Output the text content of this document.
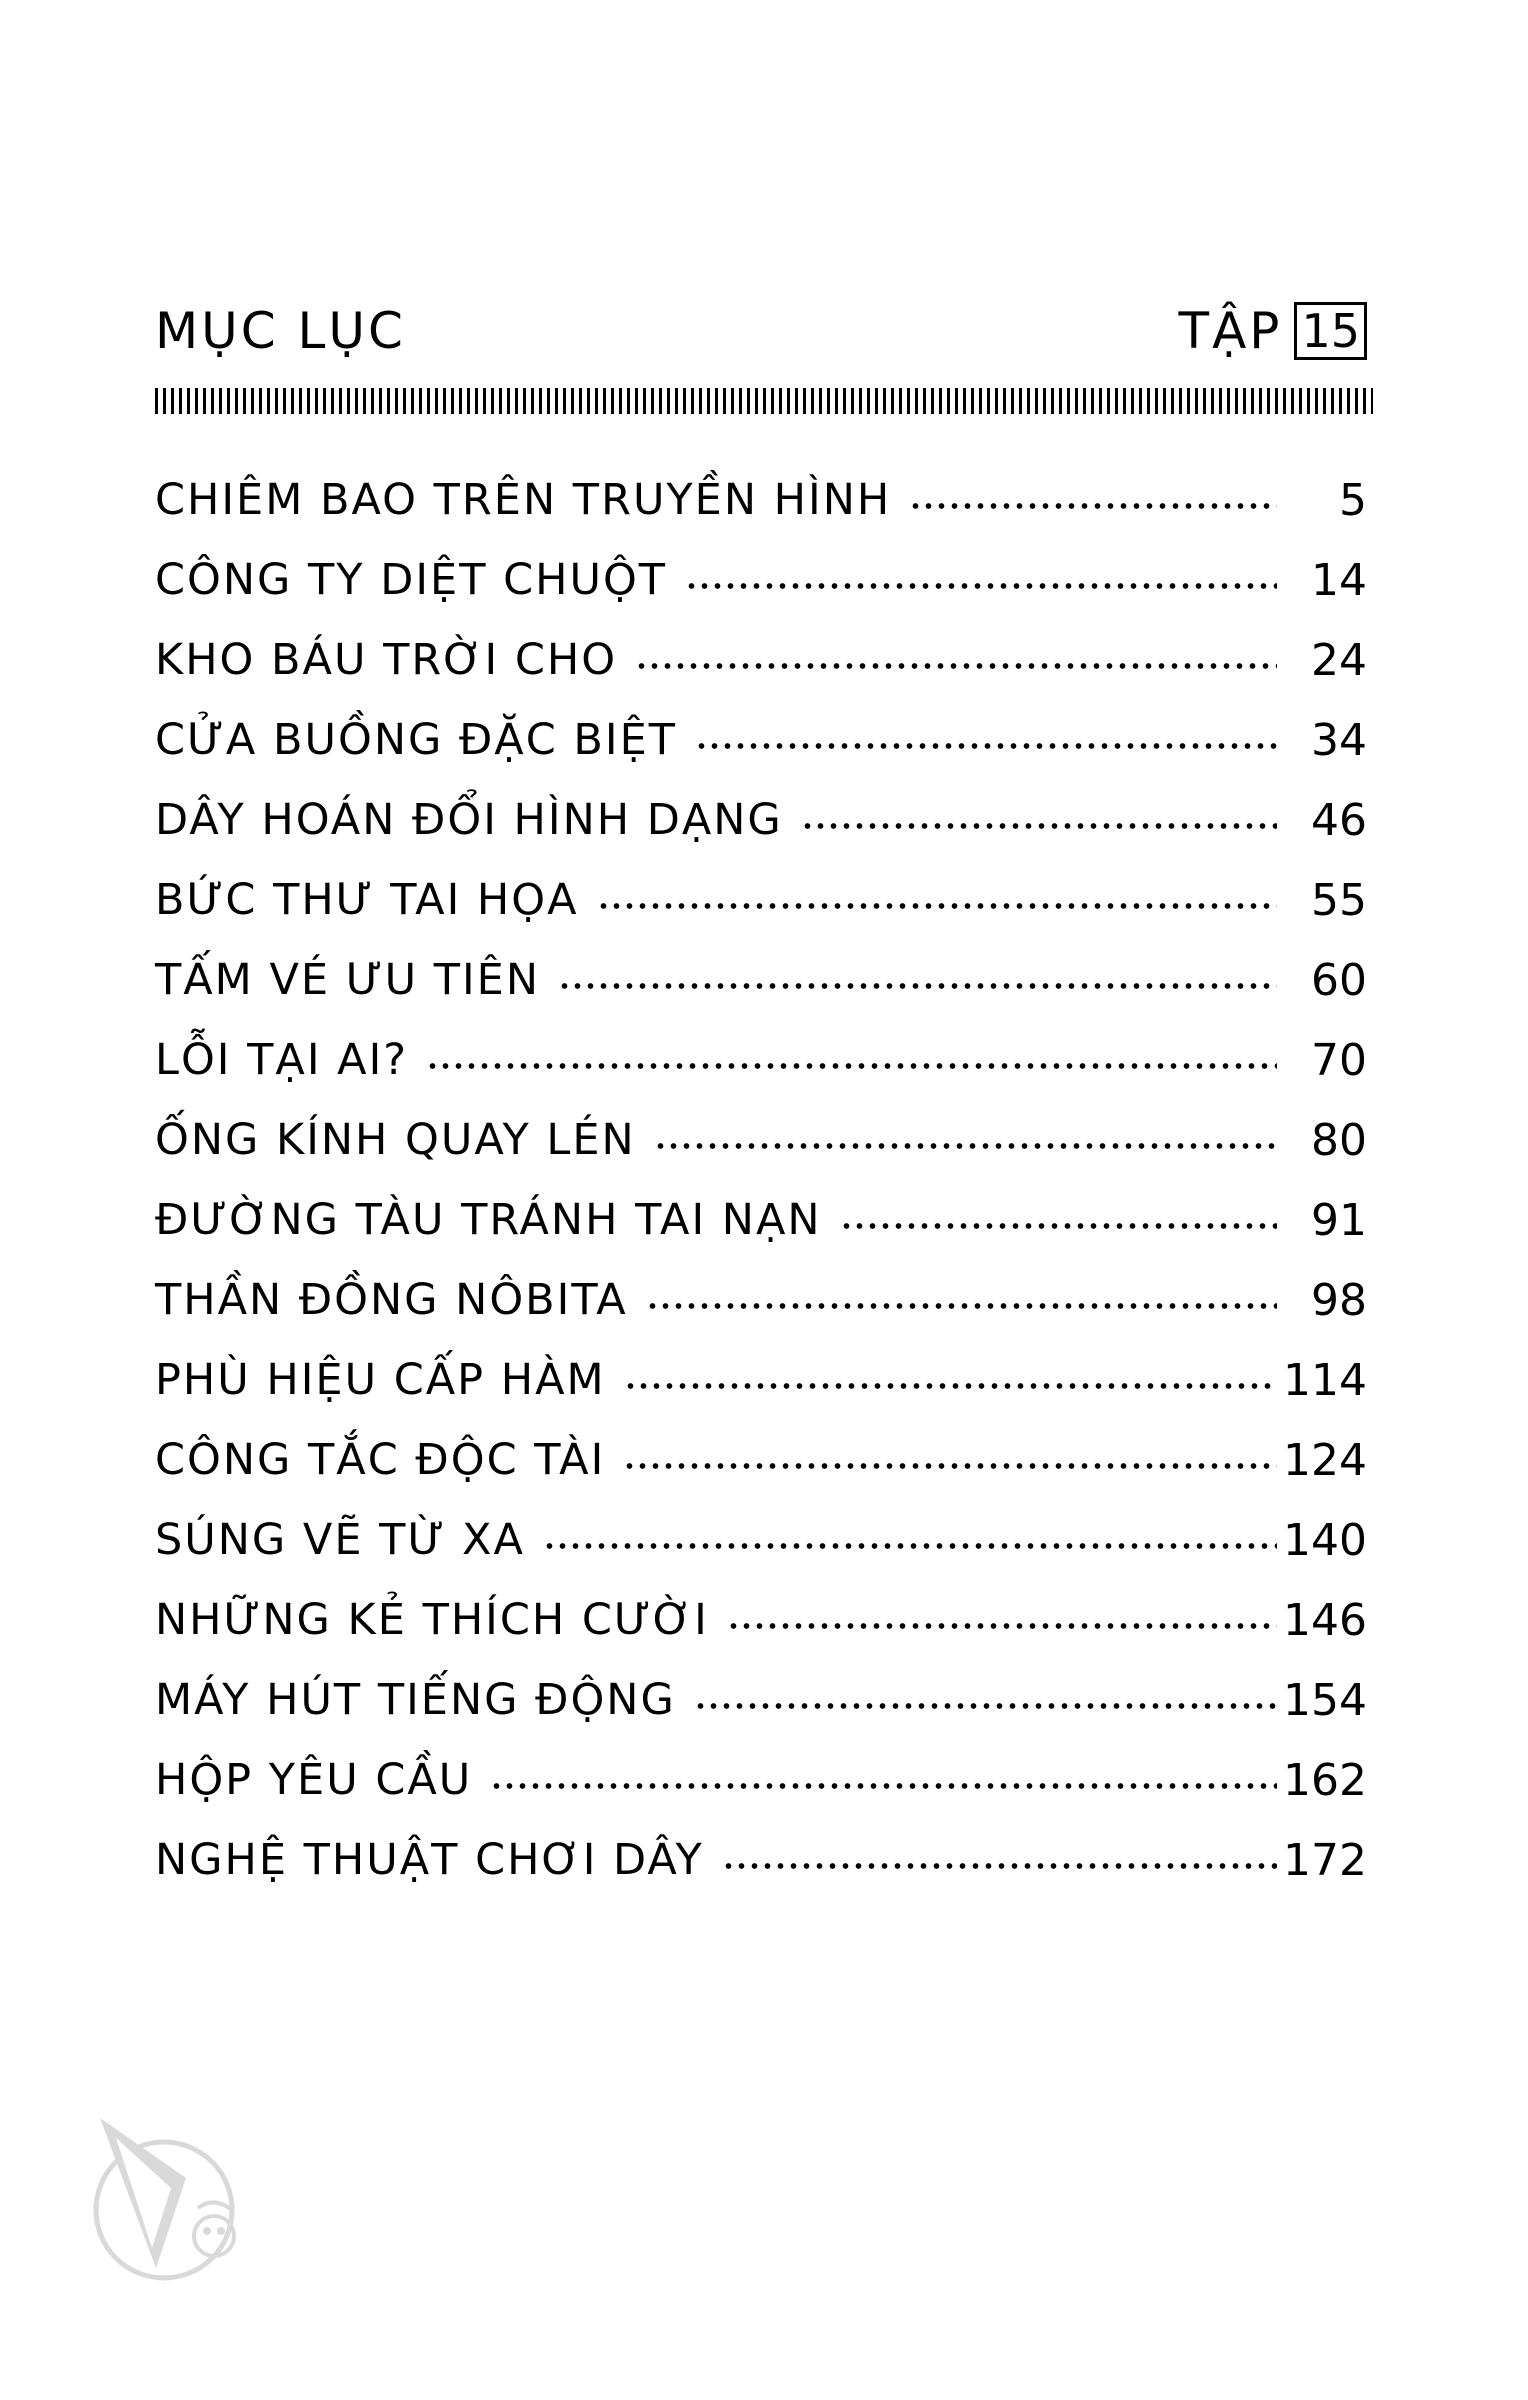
MỤC LỤC	TẬP 15
CHIÊM BAO TRÊN TRUYỀN HÌNH	5
CÔNG TY DIỆT CHUỘT	14
KHO BÁU TRỜI CHO	24
CỬA BUỒNG ĐẶC BIỆT	34
DÂY HOÁN ĐỔI HÌNH DẠNG	46
BỨC THƯ TAI HỌA	55
TẤM VÉ ƯU TIÊN	60
LỖI TẠI AI?	70
ỐNG KÍNH QUAY LÉN	80
ĐƯỜNG TÀU TRÁNH TAI NẠN	91
THẦN ĐỒNG NÔBITA	98
PHÙ HIỆU CẤP HÀM	114
CÔNG TẮC ĐỘC TÀI	124
SÚNG VẼ TỪ XA	140
NHỮNG KẺ THÍCH CƯỜI	146
MÁY HÚT TIẾNG ĐỘNG	154
HỘP YÊU CẦU	162
NGHỆ THUẬT CHƠI DÂY	172
